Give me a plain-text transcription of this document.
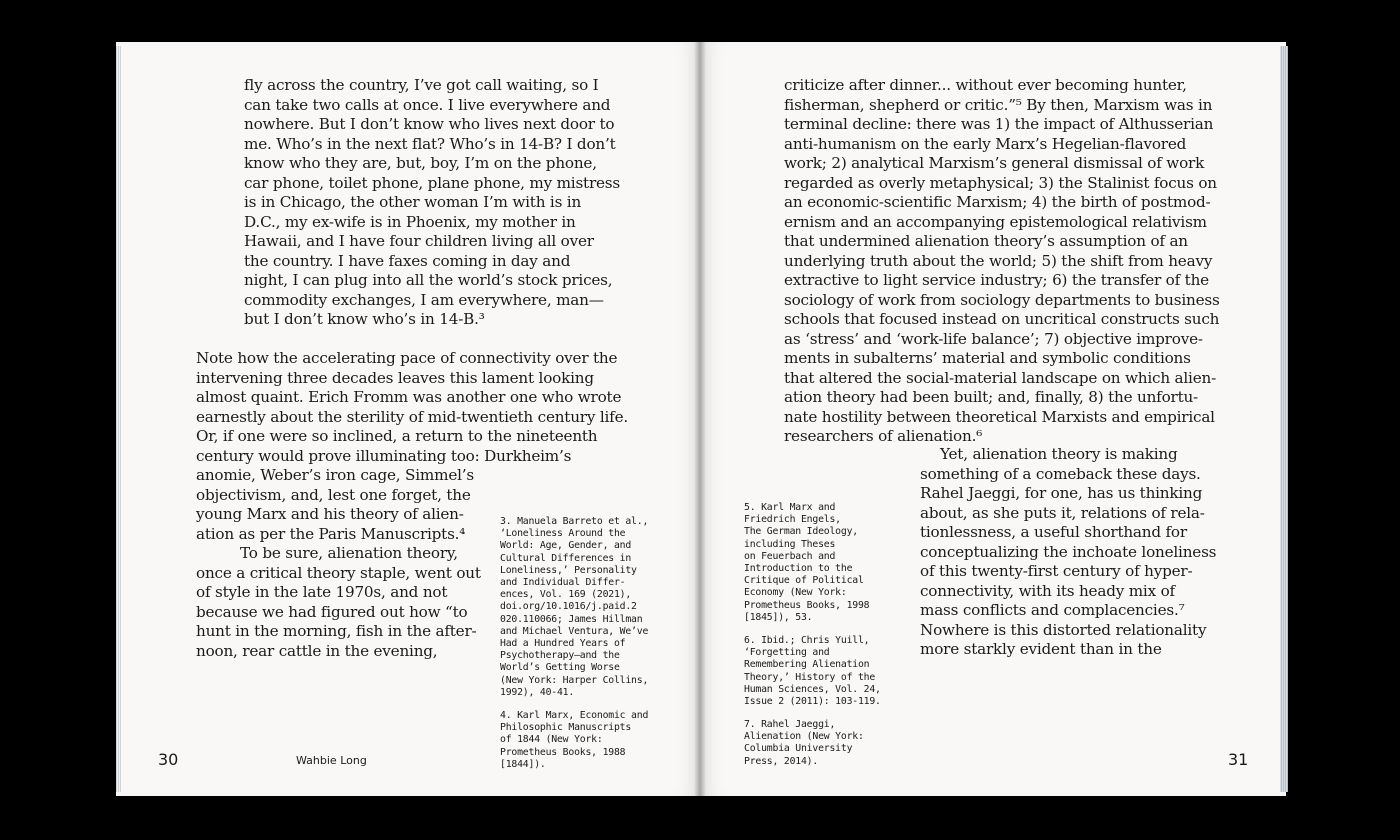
fly across the country, I’ve got call waiting, so I
can take two calls at once. I live everywhere and
nowhere. But I don’t know who lives next door to
me. Who’s in the next flat? Who’s in 14-B? I don’t
know who they are, but, boy, I’m on the phone,
car phone, toilet phone, plane phone, my mistress
is in Chicago, the other woman I’m with is in
D.C., my ex-wife is in Phoenix, my mother in
Hawaii, and I have four children living all over
the country. I have faxes coming in day and
night, I can plug into all the world’s stock prices,
commodity exchanges, I am everywhere, man—
but I don’t know who’s in 14-B.³
Note how the accelerating pace of connectivity over the
intervening three decades leaves this lament looking
almost quaint. Erich Fromm was another one who wrote
earnestly about the sterility of mid-twentieth century life.
Or, if one were so inclined, a return to the nineteenth
century would prove illuminating too: Durkheim’s
anomie, Weber’s iron cage, Simmel’s
objectivism, and, lest one forget, the
young Marx and his theory of alien-
ation as per the Paris Manuscripts.⁴
To be sure, alienation theory,
once a critical theory staple, went out
of style in the late 1970s, and not
because we had figured out how “to
hunt in the morning, fish in the after-
noon, rear cattle in the evening,
3. Manuela Barreto et al.,
‘Loneliness Around the
World: Age, Gender, and
Cultural Differences in
Loneliness,’ Personality
and Individual Differ-
ences, Vol. 169 (2021),
doi.org/10.1016/j.paid.2
020.110066; James Hillman
and Michael Ventura, We’ve
Had a Hundred Years of
Psychotherapy—and the
World’s Getting Worse
(New York: Harper Collins,
1992), 40-41.
4. Karl Marx, Economic and
Philosophic Manuscripts
of 1844 (New York:
Prometheus Books, 1988
[1844]).
30	Wahbie Long
criticize after dinner... without ever becoming hunter,
fisherman, shepherd or critic.”⁵ By then, Marxism was in
terminal decline: there was 1) the impact of Althusserian
anti-humanism on the early Marx’s Hegelian-flavored
work; 2) analytical Marxism’s general dismissal of work
regarded as overly metaphysical; 3) the Stalinist focus on
an economic-scientific Marxism; 4) the birth of postmod-
ernism and an accompanying epistemological relativism
that undermined alienation theory’s assumption of an
underlying truth about the world; 5) the shift from heavy
extractive to light service industry; 6) the transfer of the
sociology of work from sociology departments to business
schools that focused instead on uncritical constructs such
as ‘stress’ and ‘work-life balance’; 7) objective improve-
ments in subalterns’ material and symbolic conditions
that altered the social-material landscape on which alien-
ation theory had been built; and, finally, 8) the unfortu-
nate hostility between theoretical Marxists and empirical
researchers of alienation.⁶
Yet, alienation theory is making
something of a comeback these days.
Rahel Jaeggi, for one, has us thinking
about, as she puts it, relations of rela-
tionlessness, a useful shorthand for
conceptualizing the inchoate loneliness
of this twenty-first century of hyper-
connectivity, with its heady mix of
mass conflicts and complacencies.⁷
Nowhere is this distorted relationality
more starkly evident than in the
5. Karl Marx and
Friedrich Engels,
The German Ideology,
including Theses
on Feuerbach and
Introduction to the
Critique of Political
Economy (New York:
Prometheus Books, 1998
[1845]), 53.
6. Ibid.; Chris Yuill,
‘Forgetting and
Remembering Alienation
Theory,’ History of the
Human Sciences, Vol. 24,
Issue 2 (2011): 103-119.
7. Rahel Jaeggi,
Alienation (New York:
Columbia University
Press, 2014).	31
